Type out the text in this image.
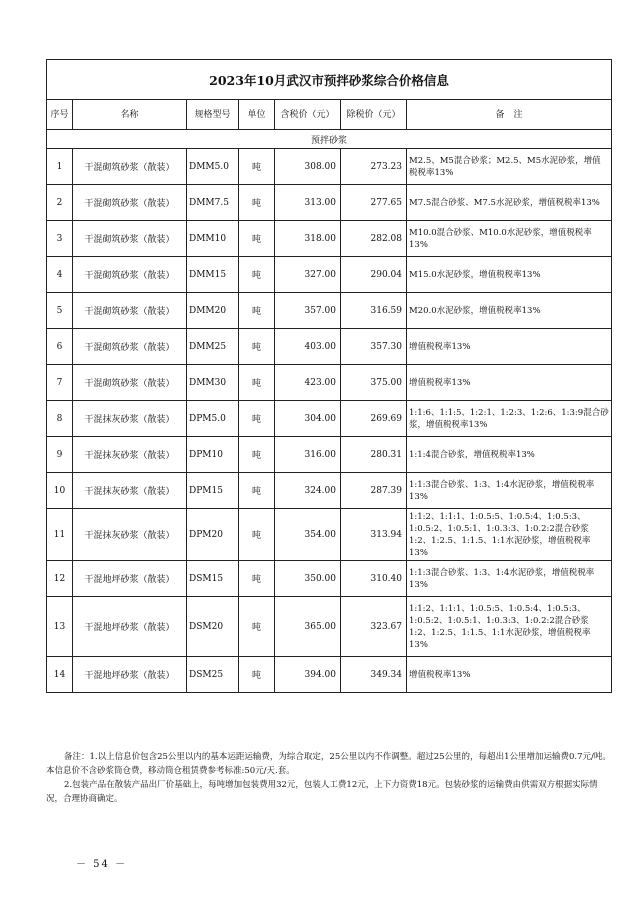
2023年10月武汉市预拌砂浆综合价格信息						
序号	名称	规格型号	单位	含税价（元）	除税价（元）	备　注
预拌砂浆						
1	干混砌筑砂浆（散装）	DMM5.0	吨	308.00	273.23	M2.5、M5混合砂浆；M2.5、M5水泥砂浆，增值税税率13%
2	干混砌筑砂浆（散装）	DMM7.5	吨	313.00	277.65	M7.5混合砂浆、M7.5水泥砂浆，增值税税率13%
3	干混砌筑砂浆（散装）	DMM10	吨	318.00	282.08	M10.0混合砂浆、M10.0水泥砂浆，增值税税率13%
4	干混砌筑砂浆（散装）	DMM15	吨	327.00	290.04	M15.0水泥砂浆，增值税税率13%
5	干混砌筑砂浆（散装）	DMM20	吨	357.00	316.59	M20.0水泥砂浆，增值税税率13%
6	干混砌筑砂浆（散装）	DMM25	吨	403.00	357.30	增值税税率13%
7	干混砌筑砂浆（散装）	DMM30	吨	423.00	375.00	增值税税率13%
8	干混抹灰砂浆（散装）	DPM5.0	吨	304.00	269.69	1:1:6、1:1:5、1:2:1、1:2:3、1:2:6、1:3:9混合砂浆，增值税税率13%
9	干混抹灰砂浆（散装）	DPM10	吨	316.00	280.31	1:1:4混合砂浆，增值税税率13%
10	干混抹灰砂浆（散装）	DPM15	吨	324.00	287.39	1:1:3混合砂浆、1:3、1:4水泥砂浆，增值税税率13%
11	干混抹灰砂浆（散装）	DPM20	吨	354.00	313.94	1:1:2、1:1:1、1:0.5:5、1:0.5:4、1:0.5:3、1:0.5:2、1:0.5:1、1:0.3:3、1:0.2:2混合砂浆　1:2、1:2.5、1:1.5、1:1水泥砂浆，增值税税率13%
12	干混地坪砂浆（散装）	DSM15	吨	350.00	310.40	1:1:3混合砂浆、1:3、1:4水泥砂浆，增值税税率13%
13	干混地坪砂浆（散装）	DSM20	吨	365.00	323.67	1:1:2、1:1:1、1:0.5:5、1:0.5:4、1:0.5:3、1:0.5:2、1:0.5:1、1:0.3:3、1:0.2:2混合砂浆　1:2、1:2.5、1:1.5、1:1水泥砂浆，增值税税率13%
14	干混地坪砂浆（散装）	DSM25	吨	394.00	349.34	增值税税率13%

备注：1.以上信息价包含25公里以内的基本运距运输费，为综合取定，25公里以内不作调整。超过25公里的，每超出1公里增加运输费0.7元/吨。本信息价不含砂浆筒仓费，移动筒仓租赁费参考标准:50元/天.套。

2.包装产品在散装产品出厂价基础上，每吨增加包装费用32元，包装人工费12元，上下力资费18元。包装砂浆的运输费由供需双方根据实际情况，合理协商确定。

－ 54 －
